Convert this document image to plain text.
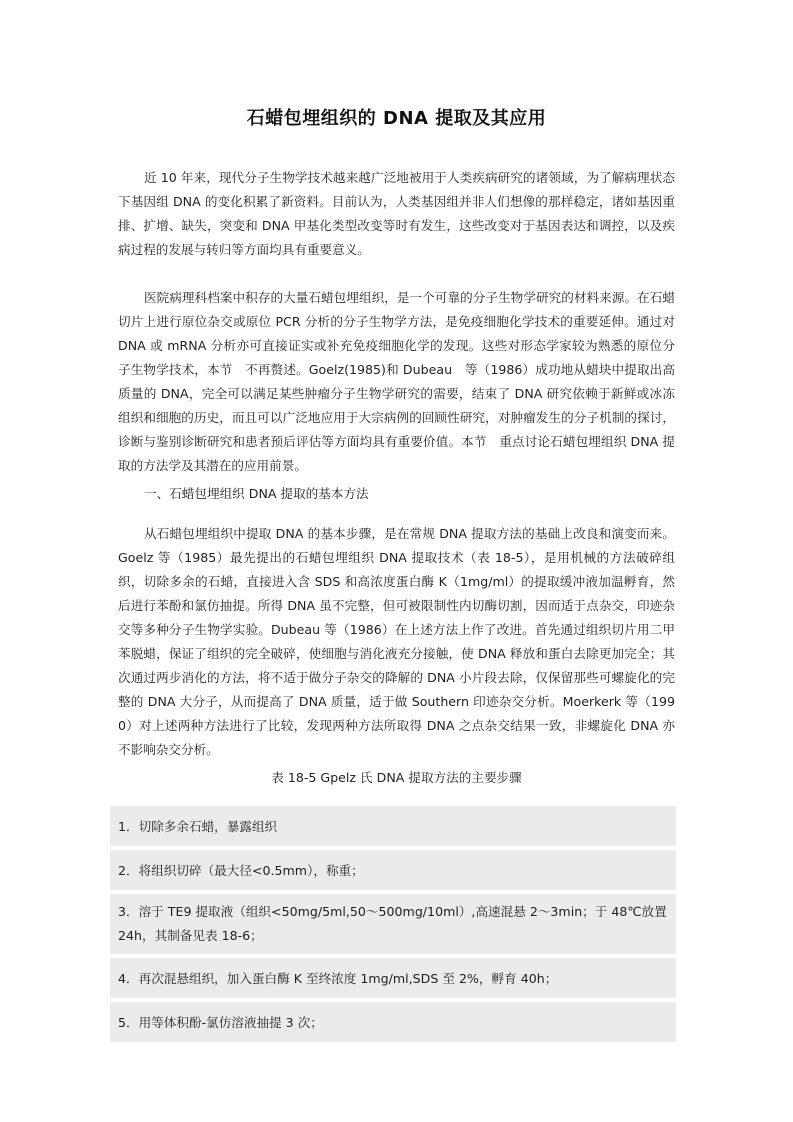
石蜡包埋组织的 DNA 提取及其应用

近 10 年来，现代分子生物学技术越来越广泛地被用于人类疾病研究的诸领域，为了解病理状态下基因组 DNA 的变化积累了新资料。目前认为，人类基因组并非人们想像的那样稳定，诸如基因重排、扩增、缺失，突变和 DNA 甲基化类型改变等时有发生，这些改变对于基因表达和调控，以及疾病过程的发展与转归等方面均具有重要意义。

医院病理科档案中积存的大量石蜡包埋组织，是一个可靠的分子生物学研究的材料来源。在石蜡切片上进行原位杂交或原位 PCR 分析的分子生物学方法，是免疫细胞化学技术的重要延伸。通过对 DNA 或 mRNA 分析亦可直接证实或补充免疫细胞化学的发现。这些对形态学家较为熟悉的原位分子生物学技术，本节　不再赘述。Goelz(1985)和 Dubeau　等（1986）成功地从蜡块中提取出高质量的 DNA，完全可以满足某些肿瘤分子生物学研究的需要，结束了 DNA 研究依赖于新鲜或冰冻组织和细胞的历史，而且可以广泛地应用于大宗病例的回顾性研究，对肿瘤发生的分子机制的探讨，诊断与鉴别诊断研究和患者预后评估等方面均具有重要价值。本节　重点讨论石蜡包埋组织 DNA 提取的方法学及其潜在的应用前景。

一、石蜡包埋组织 DNA 提取的基本方法

从石蜡包埋组织中提取 DNA 的基本步骤，是在常规 DNA 提取方法的基础上改良和演变而来。Goelz 等（1985）最先提出的石蜡包埋组织 DNA 提取技术（表 18-5），是用机械的方法破碎组织，切除多余的石蜡，直接进入含 SDS 和高浓度蛋白酶 K（1mg/ml）的提取缓冲液加温孵育，然后进行苯酚和氯仿抽提。所得 DNA 虽不完整，但可被限制性内切酶切割，因而适于点杂交，印迹杂交等多种分子生物学实验。Dubeau 等（1986）在上述方法上作了改进。首先通过组织切片用二甲苯脱蜡，保证了组织的完全破碎，使细胞与消化液充分接触，使 DNA 释放和蛋白去除更加完全；其次通过两步消化的方法，将不适于做分子杂交的降解的 DNA 小片段去除，仅保留那些可螺旋化的完整的 DNA 大分子，从而提高了 DNA 质量，适于做 Southern 印迹杂交分析。Moerkerk 等（1990）对上述两种方法进行了比较，发现两种方法所取得 DNA 之点杂交结果一致，非螺旋化 DNA 亦不影响杂交分析。

表 18-5 Gpelz 氏 DNA 提取方法的主要步骤
1．切除多余石蜡，暴露组织
2．将组织切碎（最大径<0.5mm），称重；
3．溶于 TE9 提取液（组织<50mg/5ml,50～500mg/10ml）,高速混悬 2～3min；于 48℃放置 24h，其制备见表 18-6；
4．再次混悬组织，加入蛋白酶 K 至终浓度 1mg/ml,SDS 至 2%，孵育 40h；
5．用等体积酚-氯仿溶液抽提 3 次；
